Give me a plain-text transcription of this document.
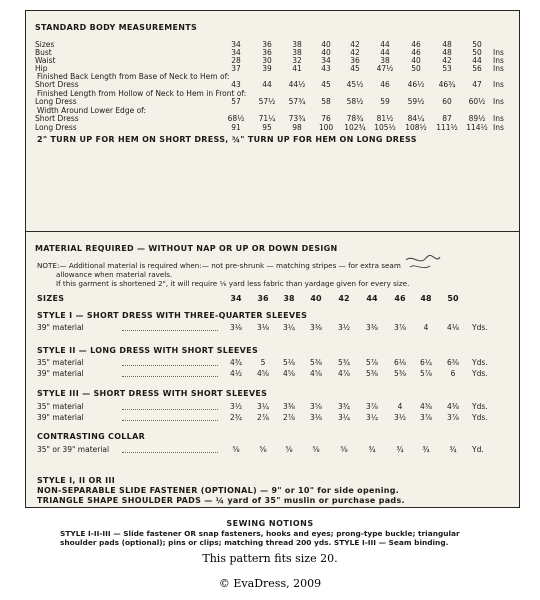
STANDARD BODY MEASUREMENTS
Sizes	34	36	38	40	42	44	46	48	50
Bust	34	36	38	40	42	44	46	48	50	Ins
Waist	28	30	32	34	36	38	40	42	44	Ins
Hip	37	39	41	43	45	47½	50	53	56	Ins
Finished Back Length from Base of Neck to Hem of:
Short Dress	43	44	44½	45	45½	46	46½	46¾	47	Ins
Finished Length from Hollow of Neck to Hem in Front of:
Long Dress	57	57½	57¾	58	58½	59	59½	60	60½	Ins
Width Around Lower Edge of:
Short Dress	68½	71¼	73¾	76	78¾	81½	84¼	87	89½	Ins
Long Dress	91	95	98	100	102¾	105½	108½	111½	114½ Ins
2" TURN UP FOR HEM ON SHORT DRESS, ¾" TURN UP FOR HEM ON LONG DRESS
MATERIAL REQUIRED — WITHOUT NAP OR UP OR DOWN DESIGN
NOTE:— Additional material is required when:— not pre-shrunk — matching stripes — for extra seam
allowance when material ravels.
If this garment is shortened 2", it will require ⅛ yard less fabric than yardage given for every size.
STYLE I, II OR III
NON-SEPARABLE SLIDE FASTENER (OPTIONAL) — 9" or 10" for side opening.
TRIANGLE SHAPE SHOULDER PADS — ¼ yard of 35" muslin or purchase pads.
SIZES	34	36	38	40	42	44	46	48	50
STYLE I — SHORT DRESS WITH THREE-QUARTER SLEEVES
39" material	3⅛	3⅛	3¼	3⅜	3½	3⅜	3⅞	4	4⅛	Yds.
STYLE II — LONG DRESS WITH SHORT SLEEVES
35" material	4¾	5	5⅛	5⅜	5¾	5⅞	6⅛	6¼	6⅜	Yds.
39" material	4½	4⅝	4⅝	4⅝	4⅞	5⅜	5⅜	5⅞	6	Yds.
STYLE III — SHORT DRESS WITH SHORT SLEEVES
35" material	3½	3¼	3⅜	3⅝	3¾	3⅞	4	4⅜	4⅜	Yds.
39" material	2¾	2⅞	2⅞	3⅛	3¼	3¼	3½	3⅞	3⅞	Yds.
CONTRASTING COLLAR
35" or 39" material	⅝	⅝	⅝	⅝	⅝	¾	¾	¾	¾	Yd.
SEWING NOTIONS
STYLE I-II-III — Slide fastener OR snap fasteners, hooks and eyes; prong-type buckle; triangular
shoulder pads (optional); pins or clips; matching thread 200 yds. STYLE I-III — Seam binding.
This pattern fits size 20.
© EvaDress, 2009
